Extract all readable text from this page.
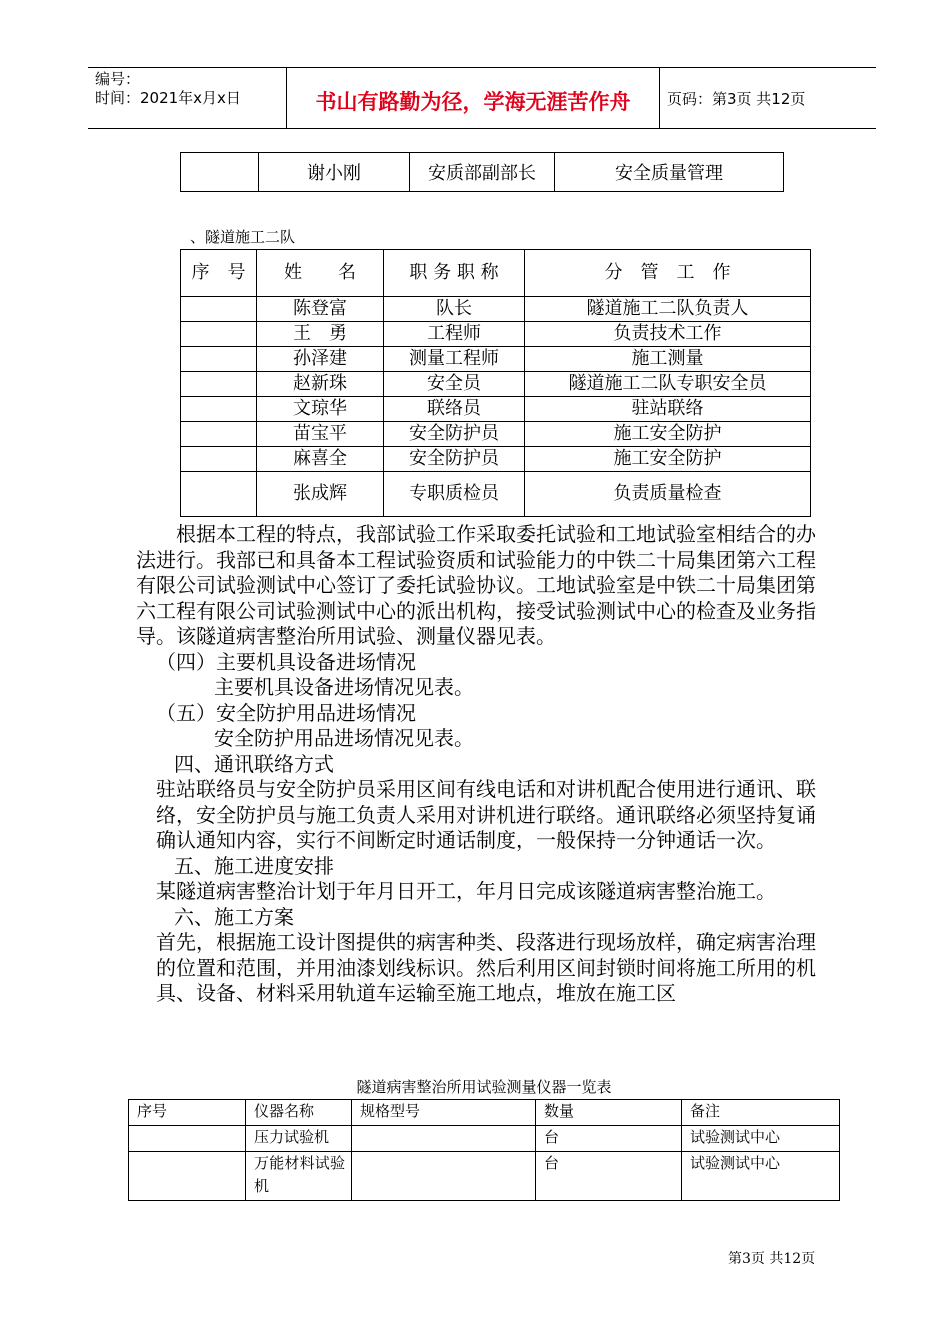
编号：
时间：2021年x月x日	书山有路勤为径，学海无涯苦作舟	页码：第3页 共12页
	谢小刚	安质部副部长	安全质量管理
、隧道施工二队
序　号	姓　　名	职 务 职 称	分　管　工　作
	陈登富	队长	隧道施工二队负责人
	王　勇	工程师	负责技术工作
	孙泽建	测量工程师	施工测量
	赵新珠	安全员	隧道施工二队专职安全员
	文琼华	联络员	驻站联络
	苗宝平	安全防护员	施工安全防护
	麻喜全	安全防护员	施工安全防护
	张成辉	专职质检员	负责质量检查

根据本工程的特点，我部试验工作采取委托试验和工地试验室相结合的办法进行。我部已和具备本工程试验资质和试验能力的中铁二十局集团第六工程有限公司试验测试中心签订了委托试验协议。工地试验室是中铁二十局集团第六工程有限公司试验测试中心的派出机构，接受试验测试中心的检查及业务指导。该隧道病害整治所用试验、测量仪器见表。

（四）主要机具设备进场情况

主要机具设备进场情况见表。

（五）安全防护用品进场情况

安全防护用品进场情况见表。

四、通讯联络方式

驻站联络员与安全防护员采用区间有线电话和对讲机配合使用进行通讯、联络，安全防护员与施工负责人采用对讲机进行联络。通讯联络必须坚持复诵确认通知内容，实行不间断定时通话制度，一般保持一分钟通话一次。

五、施工进度安排

某隧道病害整治计划于年月日开工，年月日完成该隧道病害整治施工。

六、施工方案

首先，根据施工设计图提供的病害种类、段落进行现场放样，确定病害治理的位置和范围，并用油漆划线标识。然后利用区间封锁时间将施工所用的机具、设备、材料采用轨道车运输至施工地点，堆放在施工区

隧道病害整治所用试验测量仪器一览表
序号	仪器名称	规格型号	数量	备注
	压力试验机		台	试验测试中心
	万能材料试验机		台	试验测试中心
第3页 共12页
